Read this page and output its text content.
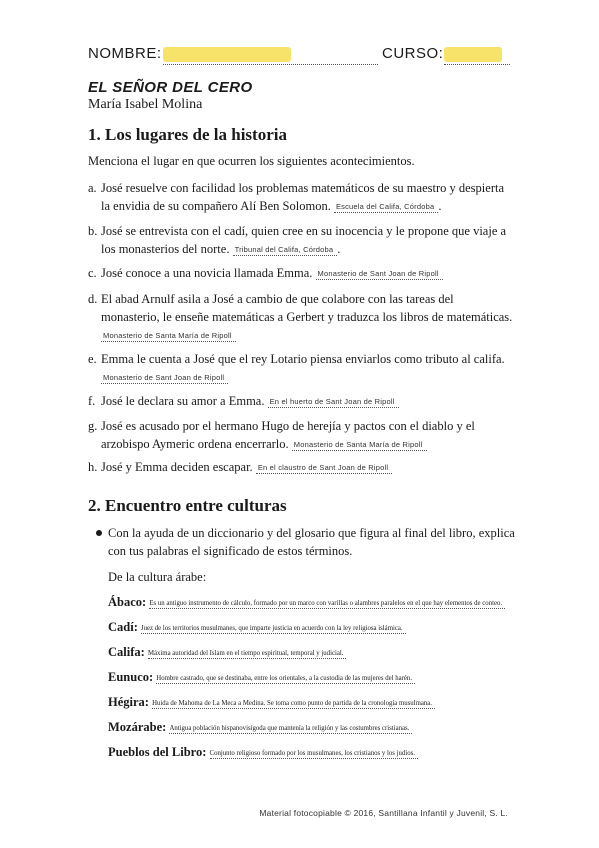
NOMBRE:	CURSO:
EL SEÑOR DEL CERO
María Isabel Molina
1. Los lugares de la historia
Menciona el lugar en que ocurren los siguientes acontecimientos.
a. José resuelve con facilidad los problemas matemáticos de su maestro y despierta la envidia de su compañero Alí Ben Solomon. Escuela del Califa, Córdoba .
b. José se entrevista con el cadí, quien cree en su inocencia y le propone que viaje a los monasterios del norte. Tribunal del Califa, Córdoba .
c. José conoce a una novicia llamada Emma. Monasterio de Sant Joan de Ripoll
d. El abad Arnulf asila a José a cambio de que colabore con las tareas del monasterio, le enseñe matemáticas a Gerbert y traduzca los libros de matemáticas.
Monasterio de Santa María de Ripoll
e. Emma le cuenta a José que el rey Lotario piensa enviarlos como tributo al califa.
Monasterio de Sant Joan de Ripoll
f. José le declara su amor a Emma. En el huerto de Sant Joan de Ripoll
g. José es acusado por el hermano Hugo de herejía y pactos con el diablo y el arzobispo Aymeric ordena encerrarlo. Monasterio de Santa María de Ripoll
h. José y Emma deciden escapar. En el claustro de Sant Joan de Ripoll
2. Encuentro entre culturas
Con la ayuda de un diccionario y del glosario que figura al final del libro, explica con tus palabras el significado de estos términos.
De la cultura árabe:
Ábaco: Es un antiguo instrumento de cálculo, formado por un marco con varillas o alambres paralelos en el que hay elementos de conteo.
Cadí: Juez de los territorios musulmanes, que imparte justicia en acuerdo con la ley religiosa islámica.
Califa: Máxima autoridad del Islam en el tiempo espiritual, temporal y judicial.
Eunuco: Hombre castrado, que se destinaba, entre los orientales, a la custodia de las mujeres del harén.
Hégira: Huida de Mahoma de La Meca a Medina. Se toma como punto de partida de la cronología musulmana.
Mozárabe: Antigua población hispanovisigoda que mantenía la religión y las costumbres cristianas.
Pueblos del Libro: Conjunto religioso formado por los musulmanes, los cristianos y los judíos.
Material fotocopiable © 2016, Santillana Infantil y Juvenil, S. L.
